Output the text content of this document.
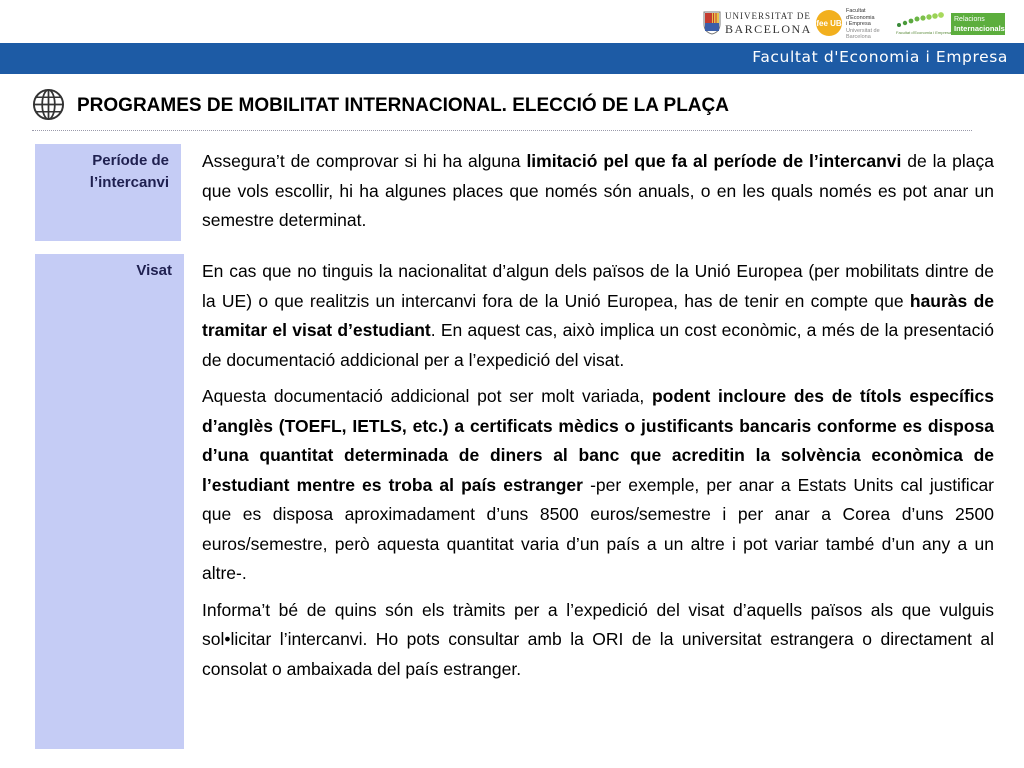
UNIVERSITAT DE
BARCELONA fee UB
Facultat
d'Economia
i Empresa
Universitat de Barcelona
Facultat d'Economia i Empresa
Relacions
Internacionals
Facultat d'Economia i Empresa
PROGRAMES DE MOBILITAT INTERNACIONAL. ELECCIÓ DE LA PLAÇA
Període de
l’intercanvi

Assegura’t de comprovar si hi ha alguna limitació pel que fa al període de l’intercanvi de la plaça que vols escollir, hi ha algunes places que només són anuals, o en les quals només es pot anar un semestre determinat.

Visat En cas que no tinguis la nacionalitat d’algun dels països de la Unió Europea (per mobilitats dintre de la UE) o que realitzis un intercanvi fora de la Unió Europea, has de tenir en compte que hauràs de tramitar el visat d’estudiant. En aquest cas, això implica un cost econòmic, a més de la presentació de documentació addicional per a l’expedició del visat.

Aquesta documentació addicional pot ser molt variada, podent incloure des de títols específics d’anglès (TOEFL, IETLS, etc.) a certificats mèdics o justificants bancaris conforme es disposa d’una quantitat determinada de diners al banc que acreditin la solvència econòmica de l’estudiant mentre es troba al país estranger -per exemple, per anar a Estats Units cal justificar que es disposa aproximadament d’uns 8500 euros/semestre i per anar a Corea d’uns 2500 euros/semestre, però aquesta quantitat varia d’un país a un altre i pot variar també d’un any a un altre-.

Informa’t bé de quins són els tràmits per a l’expedició del visat d’aquells països als que vulguis sol•licitar l’intercanvi. Ho pots consultar amb la ORI de la universitat estrangera o directament al consolat o ambaixada del país estranger.
